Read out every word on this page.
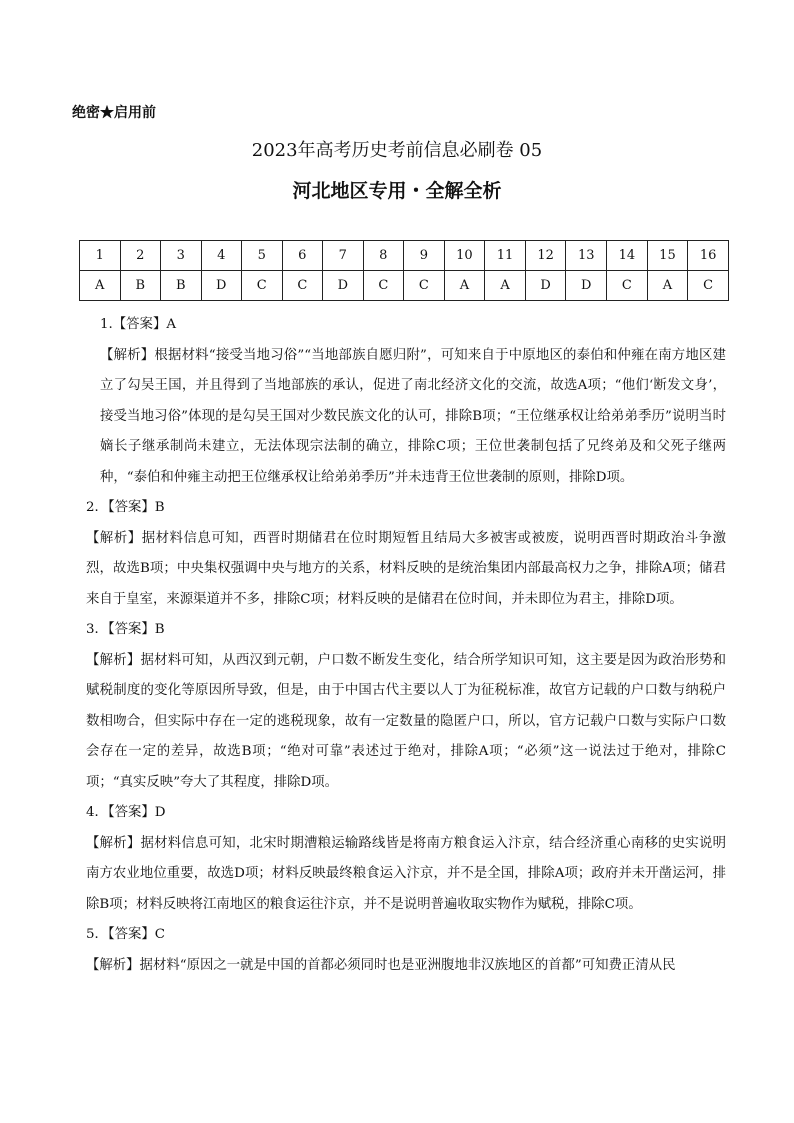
绝密★启用前
2023年高考历史考前信息必刷卷 05
河北地区专用・全解全析
1	2	3	4	5	6	7	8	9	10	11	12	13	14	15	16
A	B	B	D	C	C	D	C	C	A	A	D	D	C	A	C

1.【答案】A

【解析】根据材料“接受当地习俗”“当地部族自愿归附”，可知来自于中原地区的泰伯和仲雍在南方地区建立了勾吴王国，并且得到了当地部族的承认，促进了南北经济文化的交流，故选A项；“他们‘断发文身’，接受当地习俗”体现的是勾吴王国对少数民族文化的认可，排除B项；“王位继承权让给弟弟季历”说明当时嫡长子继承制尚未建立，无法体现宗法制的确立，排除C项；王位世袭制包括了兄终弟及和父死子继两种，“泰伯和仲雍主动把王位继承权让给弟弟季历”并未违背王位世袭制的原则，排除D项。

2．【答案】B

【解析】据材料信息可知，西晋时期储君在位时期短暂且结局大多被害或被废，说明西晋时期政治斗争激烈，故选B项；中央集权强调中央与地方的关系，材料反映的是统治集团内部最高权力之争，排除A项；储君来自于皇室，来源渠道并不多，排除C项；材料反映的是储君在位时间，并未即位为君主，排除D项。

3．【答案】B

【解析】据材料可知，从西汉到元朝，户口数不断发生变化，结合所学知识可知，这主要是因为政治形势和赋税制度的变化等原因所导致，但是，由于中国古代主要以人丁为征税标准，故官方记载的户口数与纳税户数相吻合，但实际中存在一定的逃税现象，故有一定数量的隐匿户口，所以，官方记载户口数与实际户口数会存在一定的差异，故选B项；“绝对可靠”表述过于绝对，排除A项；“必须”这一说法过于绝对，排除C项；“真实反映”夸大了其程度，排除D项。

4．【答案】D

【解析】据材料信息可知，北宋时期漕粮运输路线皆是将南方粮食运入汴京，结合经济重心南移的史实说明南方农业地位重要，故选D项；材料反映最终粮食运入汴京，并不是全国，排除A项；政府并未开凿运河，排除B项；材料反映将江南地区的粮食运往汴京，并不是说明普遍收取实物作为赋税，排除C项。

5．【答案】C

【解析】据材料“原因之一就是中国的首都必须同时也是亚洲腹地非汉族地区的首都”可知费正清从民
